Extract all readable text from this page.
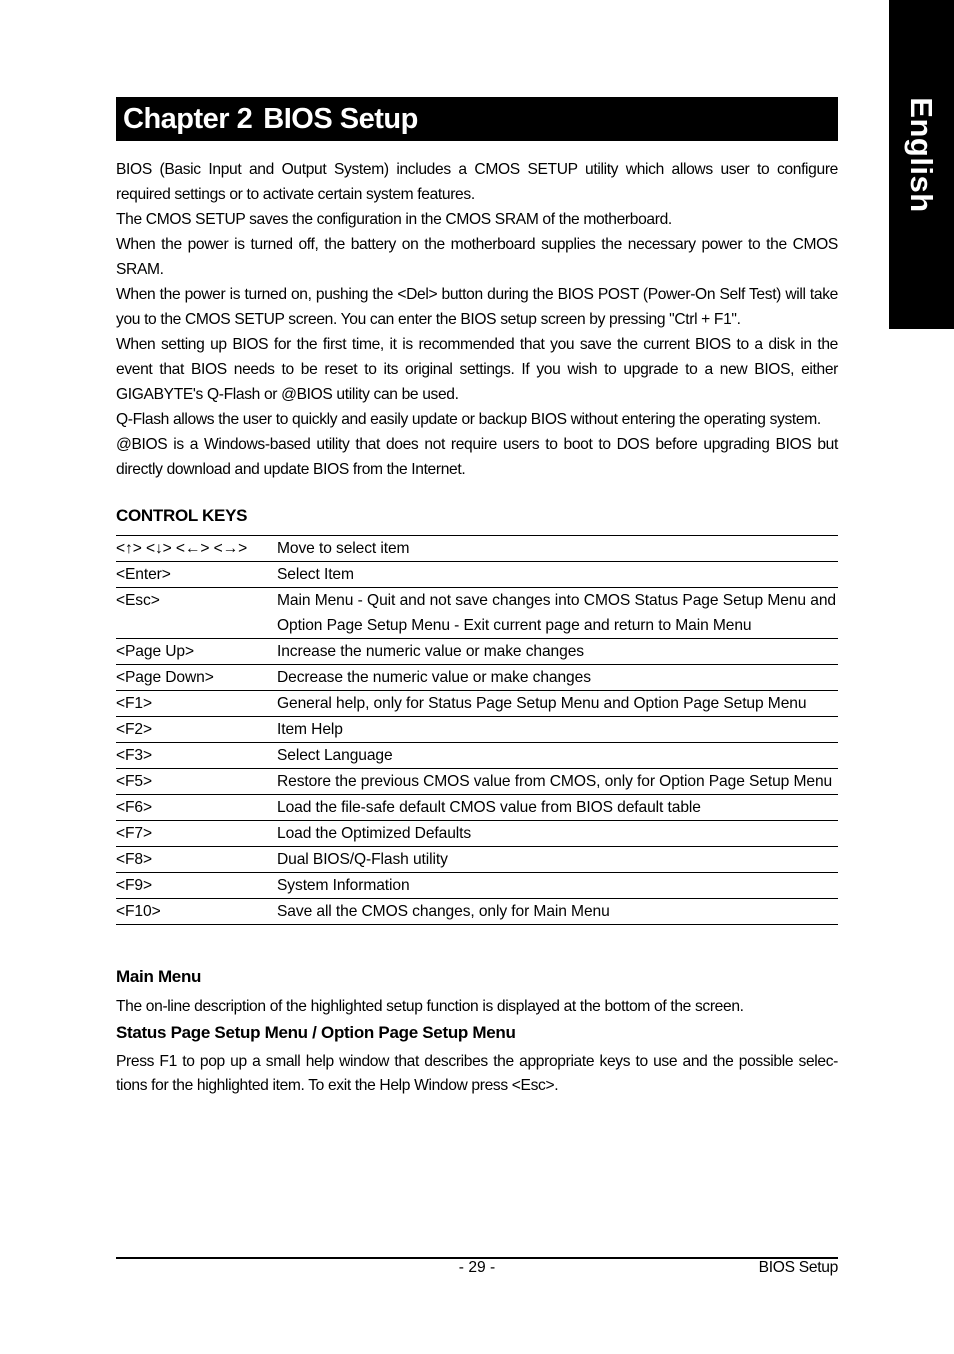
English
Chapter 2 BIOS Setup

BIOS (Basic Input and Output System) includes a CMOS SETUP utility which allows user to configure required settings or to activate certain system features.

The CMOS SETUP saves the configuration in the CMOS SRAM of the motherboard.

When the power is turned off, the battery on the motherboard supplies the necessary power to the CMOS SRAM.

When the power is turned on, pushing the <Del> button during the BIOS POST (Power-On Self Test) will take you to the CMOS SETUP screen. You can enter the BIOS setup screen by pressing "Ctrl + F1".

When setting up BIOS for the first time, it is recommended that you save the current BIOS to a disk in the event that BIOS needs to be reset to its original settings. If you wish to upgrade to a new BIOS, either GIGABYTE's Q-Flash or @BIOS utility can be used.

Q-Flash allows the user to quickly and easily update or backup BIOS without entering the operating system.

@BIOS is a Windows-based utility that does not require users to boot to DOS before upgrading BIOS but directly download and update BIOS from the Internet.

CONTROL KEYS
<↑> <↓> <←> <→>	Move to select item
<Enter>	Select Item
<Esc>	Main Menu - Quit and not save changes into CMOS Status Page Setup Menu and Option Page Setup Menu - Exit current page and return to Main Menu
<Page Up>	Increase the numeric value or make changes
<Page Down>	Decrease the numeric value or make changes
<F1>	General help, only for Status Page Setup Menu and Option Page Setup Menu
<F2>	Item Help
<F3>	Select Language
<F5>	Restore the previous CMOS value from CMOS, only for Option Page Setup Menu
<F6>	Load the file-safe default CMOS value from BIOS default table
<F7>	Load the Optimized Defaults
<F8>	Dual BIOS/Q-Flash utility
<F9>	System Information
<F10>	Save all the CMOS changes, only for Main Menu
Main Menu

The on-line description of the highlighted setup function is displayed at the bottom of the screen.

Status Page Setup Menu / Option Page Setup Menu

Press F1 to pop up a small help window that describes the appropriate keys to use and the possible selec-tions for the highlighted item. To exit the Help Window press <Esc>.

- 29 -	BIOS Setup
